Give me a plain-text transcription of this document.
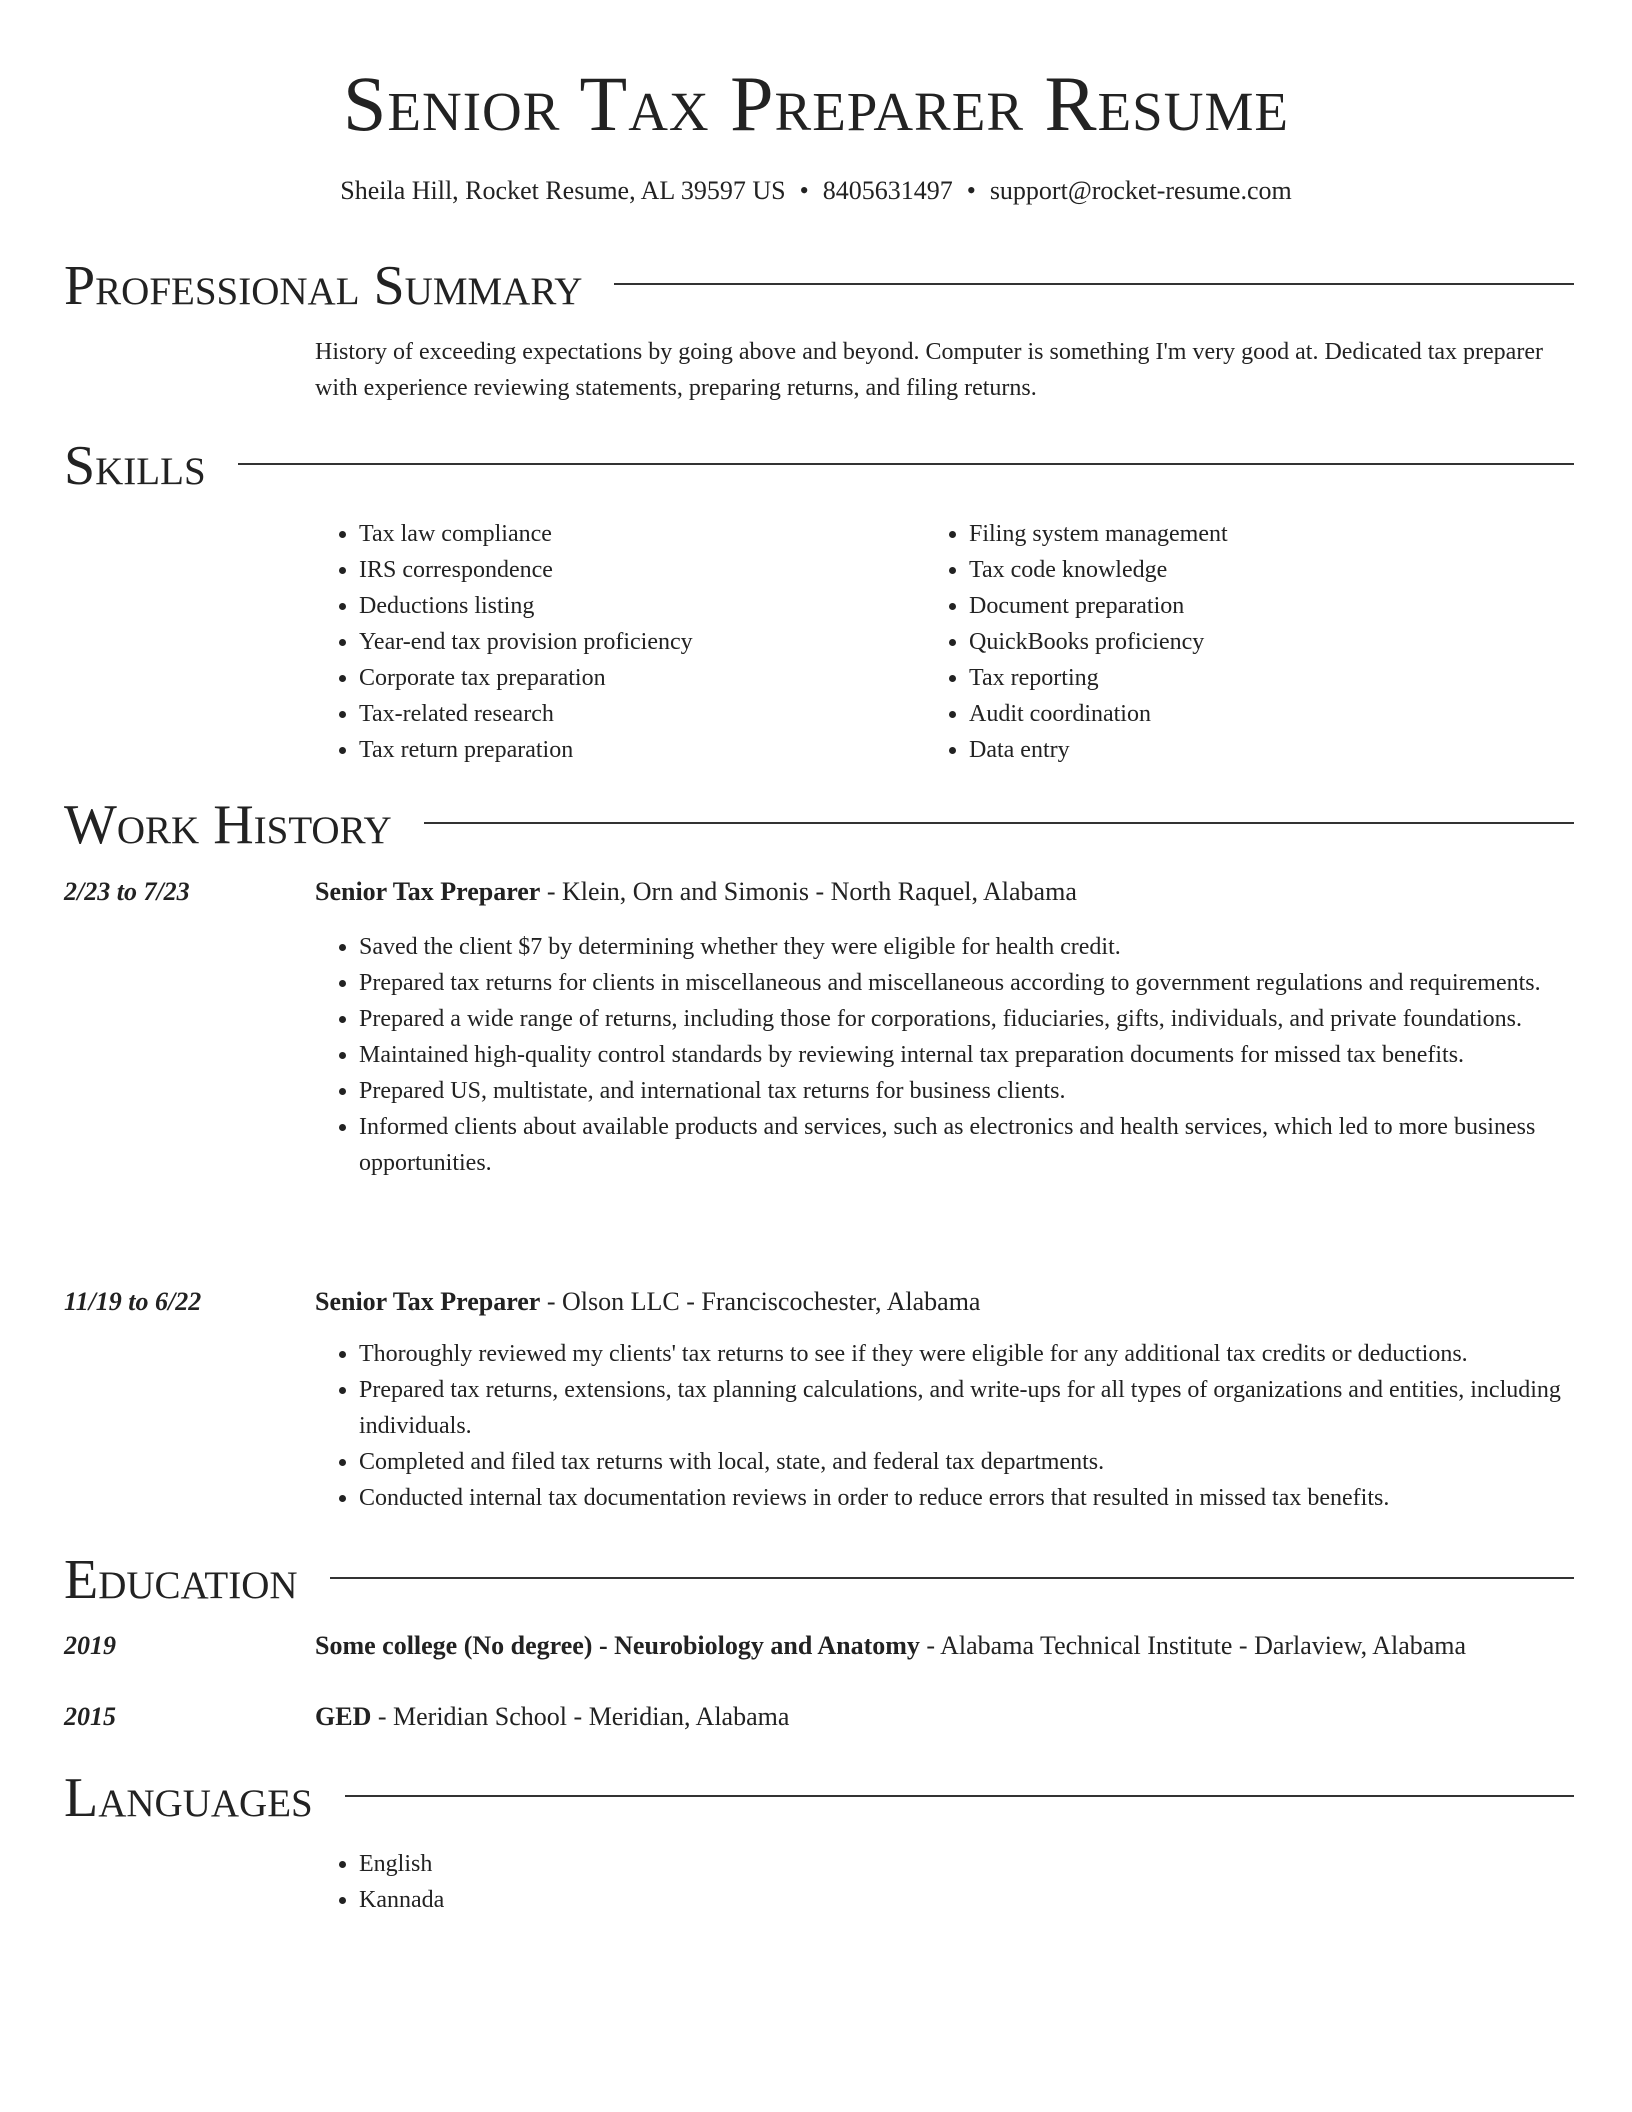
Senior Tax Preparer Resume
Sheila Hill, Rocket Resume, AL 39597 US • 8405631497 • support@rocket-resume.com
Professional Summary
History of exceeding expectations by going above and beyond. Computer is something I'm very good at. Dedicated tax preparer with experience reviewing statements, preparing returns, and filing returns.
Skills
• Tax law compliance
• IRS correspondence
• Deductions listing
• Year-end tax provision proficiency
• Corporate tax preparation
• Tax-related research
• Tax return preparation
• Filing system management
• Tax code knowledge
• Document preparation
• QuickBooks proficiency
• Tax reporting
• Audit coordination
• Data entry
Work History
2/23 to 7/23	Senior Tax Preparer - Klein, Orn and Simonis - North Raquel, Alabama
• Saved the client $7 by determining whether they were eligible for health credit.
• Prepared tax returns for clients in miscellaneous and miscellaneous according to government regulations and requirements.
• Prepared a wide range of returns, including those for corporations, fiduciaries, gifts, individuals, and private foundations.
• Maintained high-quality control standards by reviewing internal tax preparation documents for missed tax benefits.
• Prepared US, multistate, and international tax returns for business clients.
• Informed clients about available products and services, such as electronics and health services, which led to more business opportunities.
11/19 to 6/22	Senior Tax Preparer - Olson LLC - Franciscochester, Alabama
• Thoroughly reviewed my clients' tax returns to see if they were eligible for any additional tax credits or deductions.
• Prepared tax returns, extensions, tax planning calculations, and write-ups for all types of organizations and entities, including individuals.
• Completed and filed tax returns with local, state, and federal tax departments.
• Conducted internal tax documentation reviews in order to reduce errors that resulted in missed tax benefits.
Education
2019	Some college (No degree) - Neurobiology and Anatomy - Alabama Technical Institute - Darlaview, Alabama
2015	GED - Meridian School - Meridian, Alabama
Languages
• English
• Kannada
